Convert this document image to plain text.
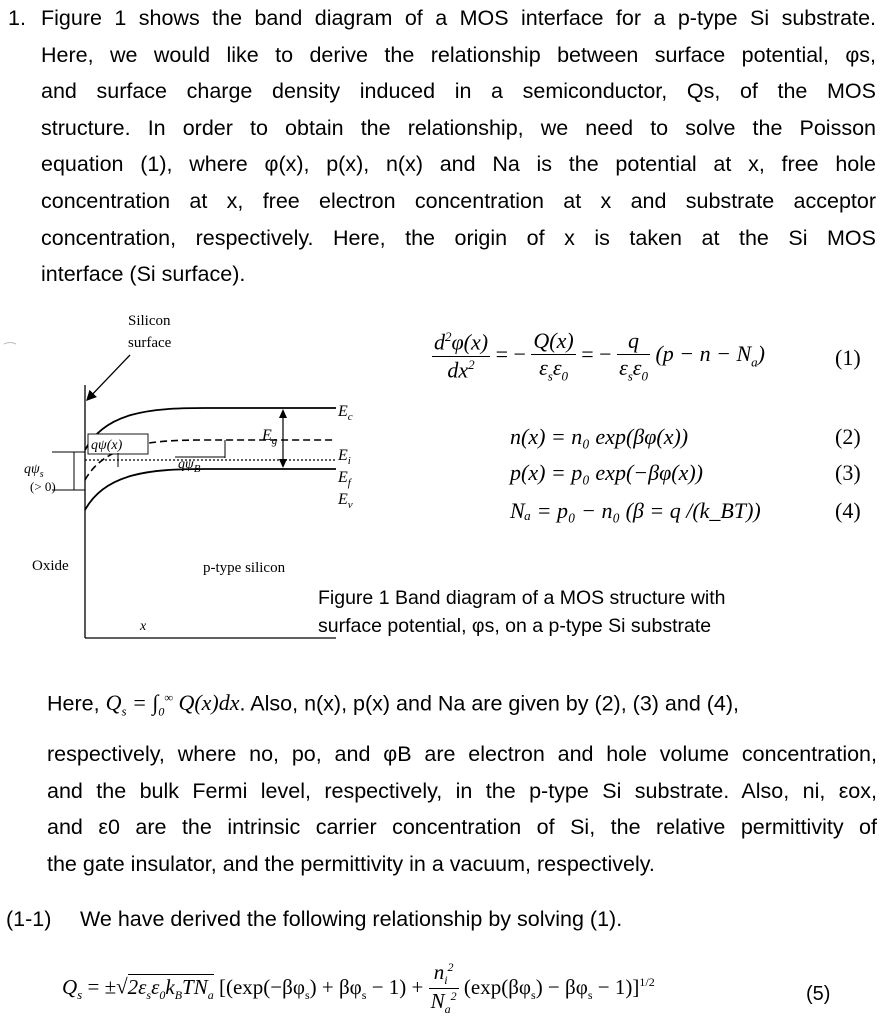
1. Figure 1 shows the band diagram of a MOS interface for a p-type Si substrate.
Here, we would like to derive the relationship between surface potential, φs,
and surface charge density induced in a semiconductor, Qs, of the MOS
structure. In order to obtain the relationship, we need to solve the Poisson
equation (1), where φ(x), p(x), n(x) and Na is the potential at x, free hole
concentration at x, free electron concentration at x and substrate acceptor
concentration, respectively. Here, the origin of x is taken at the Si MOS
interface (Si surface).
Silicon
surface
$E_c$
$E_g$
$E_i$
$E_f$
$E_v$
qψ(x)
$q\psi_B$
$q\psi_s$
(> 0)
Oxide	p-type silicon
x
$\frac{d^2\varphi(x)}{dx^2}$ = − $\frac{Q(x)}{\varepsilon_s\varepsilon_0}$ = − $\frac{q}{\varepsilon_s\varepsilon_0} (p - n - N_a)$	(1)
n(x) = n₀ exp(βφ(x))	(2)
p(x) = p₀ exp(−βφ(x))	(3)
Nₐ = p₀ − n₀ (β = q /(k_BT))	(4)
Figure 1 Band diagram of a MOS structure with
surface potential, φs, on a p-type Si substrate
Here, $Q_s = \int_0^\infty$ Q(x)dx. Also, n(x), p(x) and Na are given by (2), (3) and (4),
respectively, where no, po, and φB are electron and hole volume concentration,
and the bulk Fermi level, respectively, in the p-type Si substrate. Also, ni, εox,
and ε0 are the intrinsic carrier concentration of Si, the relative permittivity of
the gate insulator, and the permittivity in a vacuum, respectively.
(1-1) We have derived the following relationship by solving (1).
$Q_s = \pm√2\varepsilon_s\varepsilon_0k_BTN_a$ $[(\exp(-\beta\varphi_s) + \beta\varphi_s - 1) + \frac{n_i^2}{N_a^2} (\exp(\beta\varphi_s) - \beta\varphi_s - 1)]^{1/2}$
(5)
